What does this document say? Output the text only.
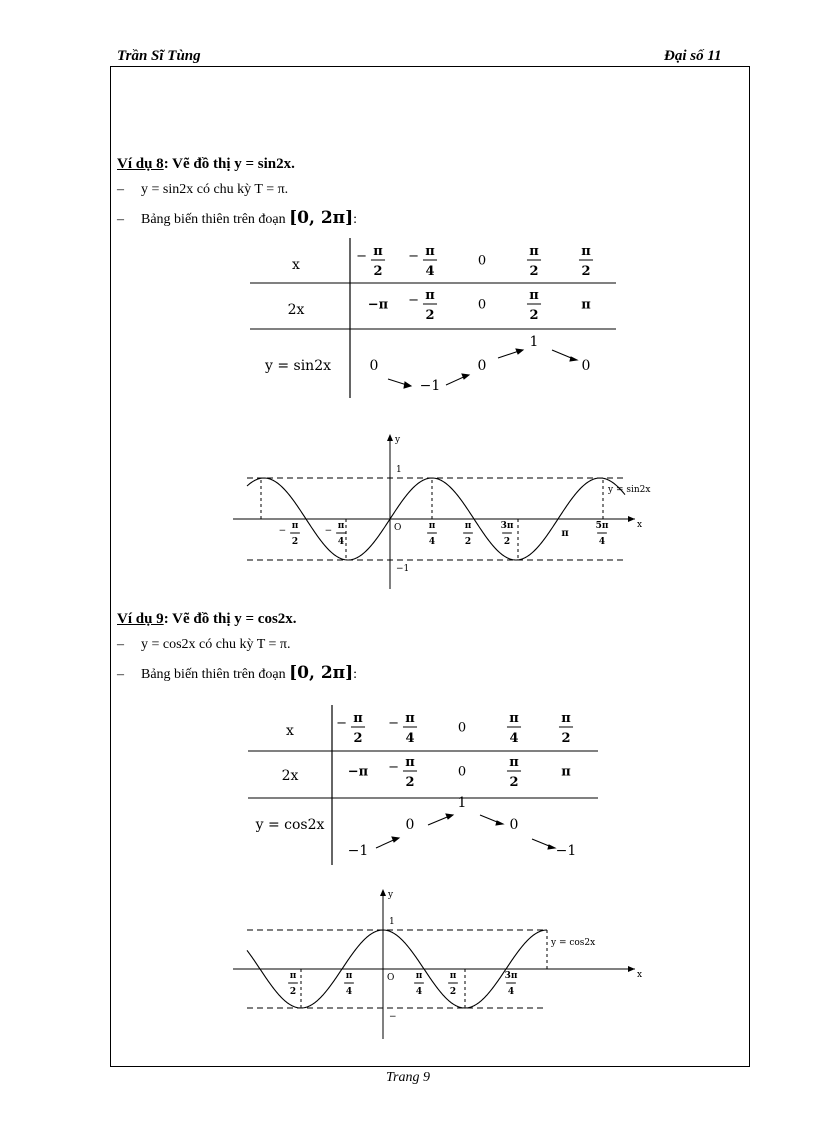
Trần Sĩ Tùng	Đại số 11
Ví dụ 8: Vẽ đồ thị y = sin2x.
– y = sin2x có chu kỳ T = π.
– Bảng biến thiên trên đoạn [0, 2π]:
x
2x
y = sin2x
− π
2
− π
4
0
π
2
π
2
−π − π
2
0
π
2
π
0
−1
0
1
0
y
x
O
1
−1
y = sin2x
− π
2
− π
4
π
4
π
2
3π
2
π
5π
4
Ví dụ 9: Vẽ đồ thị y = cos2x.
– y = cos2x có chu kỳ T = π.
– Bảng biến thiên trên đoạn [0, 2π]:
x
2x
y = cos2x
− π
2
− π
4
0
π
4
π
2
−π − π
2
0
π
2
π
−1
0
1
0
−1
y
x
O
1
−
y = cos2x
π
2
π
4
π
4
π
2
3π
4
Trang 9
